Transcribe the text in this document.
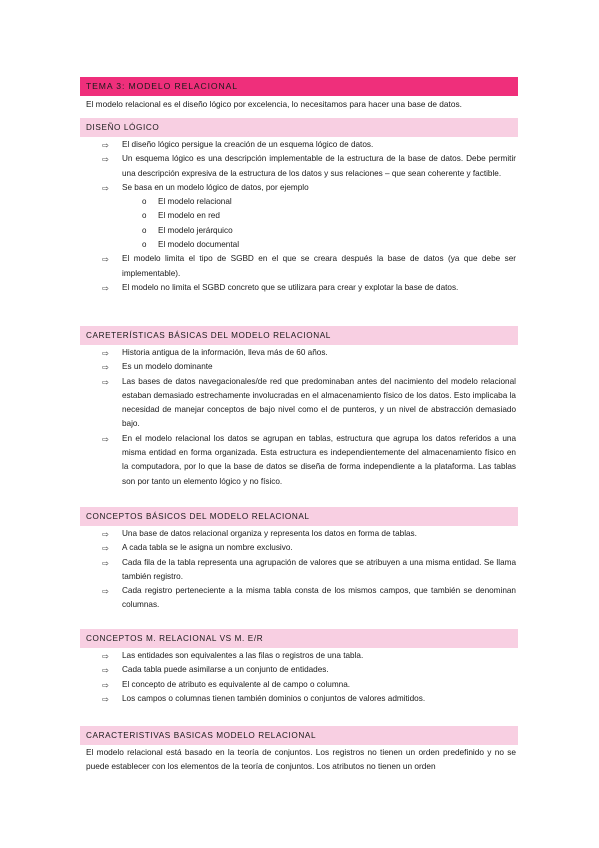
TEMA 3: MODELO RELACIONAL

El modelo relacional es el diseño lógico por excelencia, lo necesitamos para hacer una base de datos.

DISEÑO LÓGICO
⇨ El diseño lógico persigue la creación de un esquema lógico de datos.
⇨ Un esquema lógico es una descripción implementable de la estructura de la base de datos. Debe permitir una descripción expresiva de la estructura de los datos y sus relaciones – que sean coherente y factible.
⇨ Se basa en un modelo lógico de datos, por ejemplo
o El modelo relacional
o El modelo en red
o El modelo jerárquico
o El modelo documental
⇨ El modelo limita el tipo de SGBD en el que se creara después la base de datos (ya que debe ser implementable).
⇨ El modelo no limita el SGBD concreto que se utilizara para crear y explotar la base de datos.
CARETERÍSTICAS BÁSICAS DEL MODELO RELACIONAL
⇨ Historia antigua de la información, lleva más de 60 años.
⇨ Es un modelo dominante
⇨ Las bases de datos navegacionales/de red que predominaban antes del nacimiento del modelo relacional estaban demasiado estrechamente involucradas en el almacenamiento físico de los datos. Esto implicaba la necesidad de manejar conceptos de bajo nivel como el de punteros, y un nivel de abstracción demasiado bajo.
⇨ En el modelo relacional los datos se agrupan en tablas, estructura que agrupa los datos referidos a una misma entidad en forma organizada. Esta estructura es independientemente del almacenamiento físico en la computadora, por lo que la base de datos se diseña de forma independiente a la plataforma. Las tablas son por tanto un elemento lógico y no físico.
CONCEPTOS BÁSICOS DEL MODELO RELACIONAL
⇨ Una base de datos relacional organiza y representa los datos en forma de tablas.
⇨ A cada tabla se le asigna un nombre exclusivo.
⇨ Cada fila de la tabla representa una agrupación de valores que se atribuyen a una misma entidad. Se llama también registro.
⇨ Cada registro perteneciente a la misma tabla consta de los mismos campos, que también se denominan columnas.
CONCEPTOS M. RELACIONAL VS M. E/R
⇨ Las entidades son equivalentes a las filas o registros de una tabla.
⇨ Cada tabla puede asimilarse a un conjunto de entidades.
⇨ El concepto de atributo es equivalente al de campo o columna.
⇨ Los campos o columnas tienen también dominios o conjuntos de valores admitidos.
CARACTERISTIVAS BASICAS MODELO RELACIONAL

El modelo relacional está basado en la teoría de conjuntos. Los registros no tienen un orden predefinido y no se puede establecer con los elementos de la teoría de conjuntos. Los atributos no tienen un orden
